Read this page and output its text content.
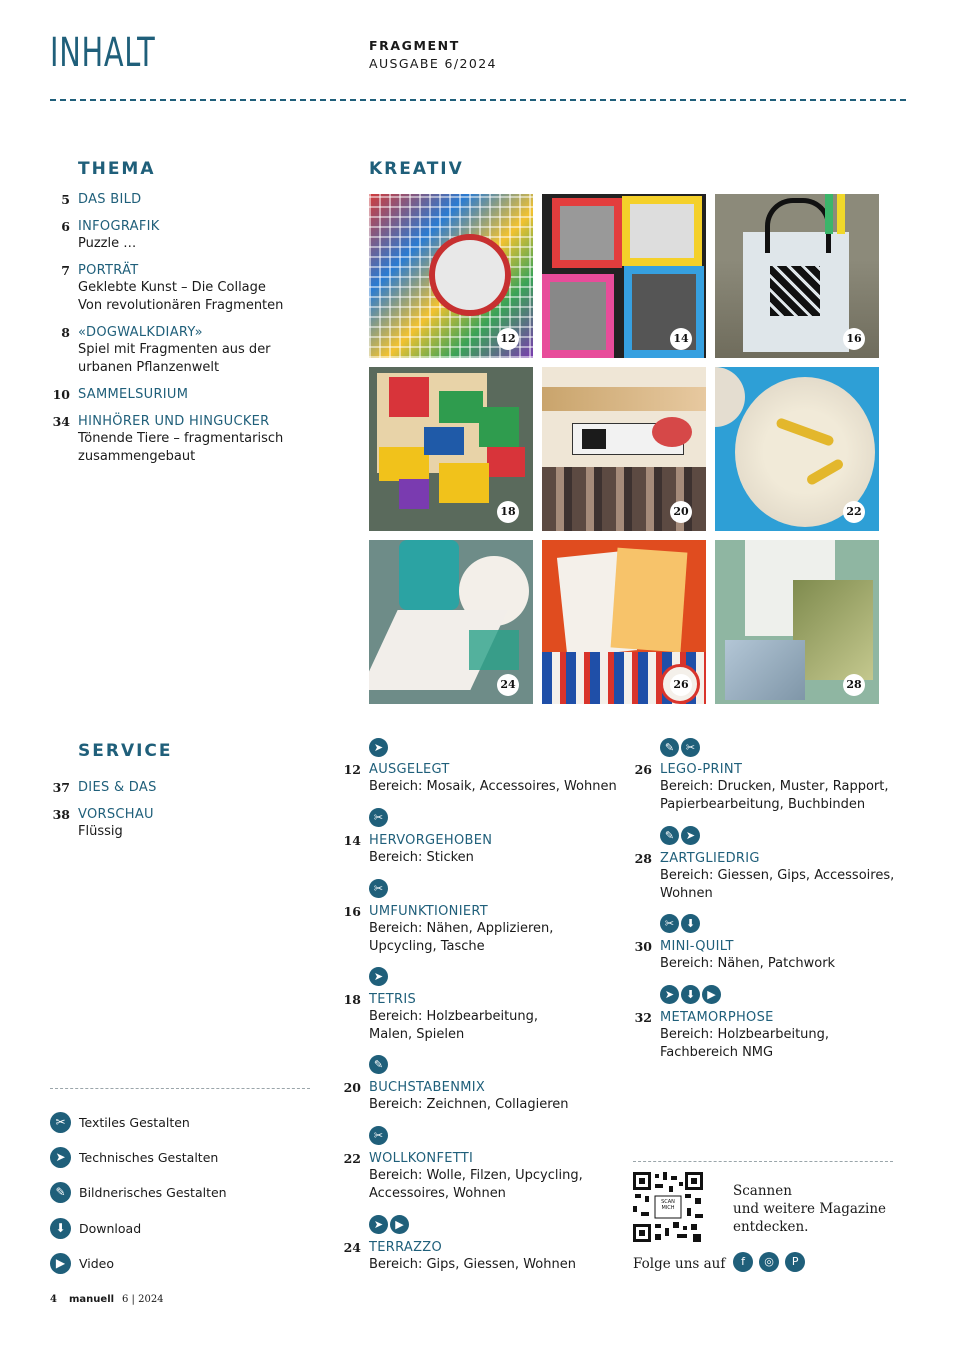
INHALT	FRAGMENT
AUSGABE 6/2024
THEMA
5 DAS BILD
6 INFOGRAFIK
Puzzle …
7 PORTRÄT
Geklebte Kunst – Die Collage
Von revolutionären Fragmenten
8 «DOGWALKDIARY»
Spiel mit Fragmenten aus der
urbanen Pflanzenwelt
10 SAMMELSURIUM
34 HINHÖRER UND HINGUCKER
Tönende Tiere – fragmentarisch
zusammengebaut
KREATIV
12	14	16
18	20	22
24	26	28
SERVICE
37 DIES & DAS
38 VORSCHAU
Flüssig
➤
12 AUSGELEGT
Bereich: Mosaik, Accessoires, Wohnen
✂
14 HERVORGEHOBEN
Bereich: Sticken
✂
16 UMFUNKTIONIERT
Bereich: Nähen, Applizieren,
Upcycling, Tasche
➤
18 TETRIS
Bereich: Holzbearbeitung,
Malen, Spielen
✎
20 BUCHSTABENMIX
Bereich: Zeichnen, Collagieren
✂
22 WOLLKONFETTI
Bereich: Wolle, Filzen, Upcycling,
Accessoires, Wohnen
➤ ▶
24 TERRAZZO
Bereich: Gips, Giessen, Wohnen
✎ ✂
26 LEGO-PRINT
Bereich: Drucken, Muster, Rapport,
Papierbearbeitung, Buchbinden
✎ ➤
28 ZARTGLIEDRIG
Bereich: Giessen, Gips, Accessoires,
Wohnen
✂ ⬇
30 MINI-QUILT
Bereich: Nähen, Patchwork
➤ ⬇ ▶
32 METAMORPHOSE
Bereich: Holzbearbeitung,
Fachbereich NMG
✂ Textiles Gestalten
➤ Technisches Gestalten
✎ Bildnerisches Gestalten
⬇ Download
▶ Video
SCAN MICH
Scannen
und weitere Magazine
entdecken.
Folge uns auf	f ◎ P
4 manuell 6 | 2024
